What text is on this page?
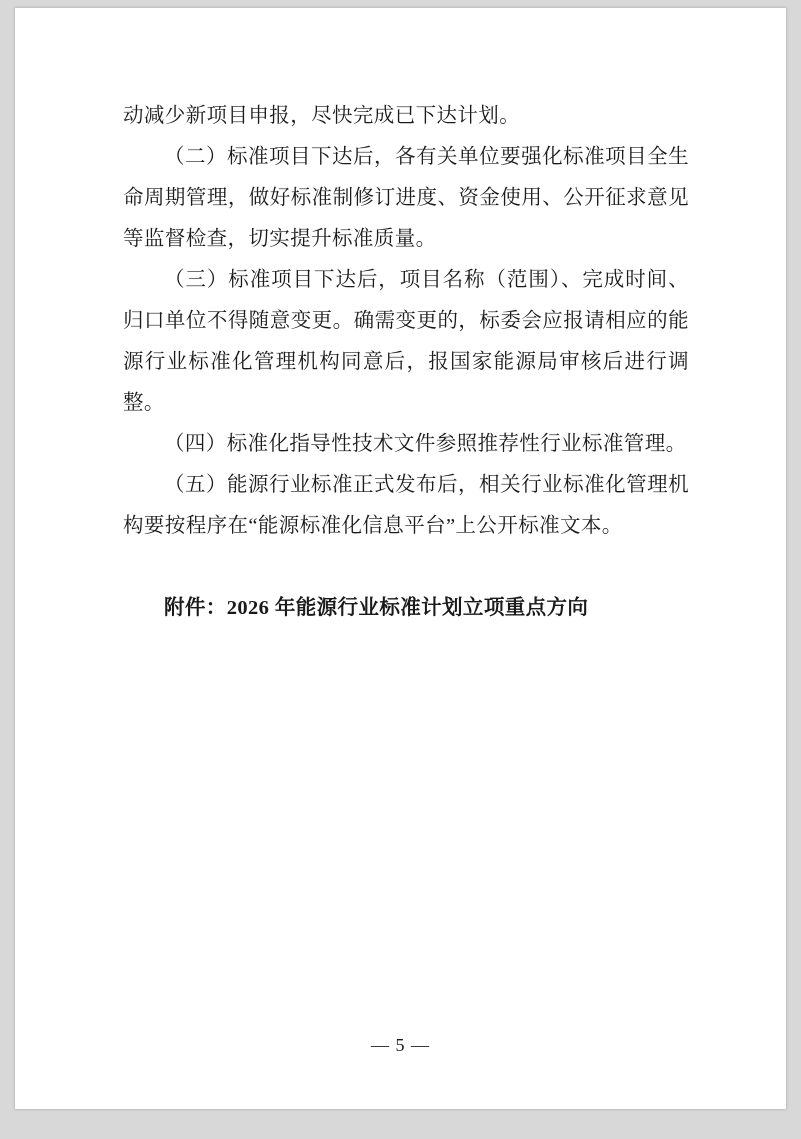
动减少新项目申报，尽快完成已下达计划。

（二）标准项目下达后，各有关单位要强化标准项目全生命周期管理，做好标准制修订进度、资金使用、公开征求意见等监督检查，切实提升标准质量。

（三）标准项目下达后，项目名称（范围）、完成时间、归口单位不得随意变更。确需变更的，标委会应报请相应的能源行业标准化管理机构同意后，报国家能源局审核后进行调整。

（四）标准化指导性技术文件参照推荐性行业标准管理。

（五）能源行业标准正式发布后，相关行业标准化管理机构要按程序在“能源标准化信息平台”上公开标准文本。

附件：2026 年能源行业标准计划立项重点方向
— 5 —
